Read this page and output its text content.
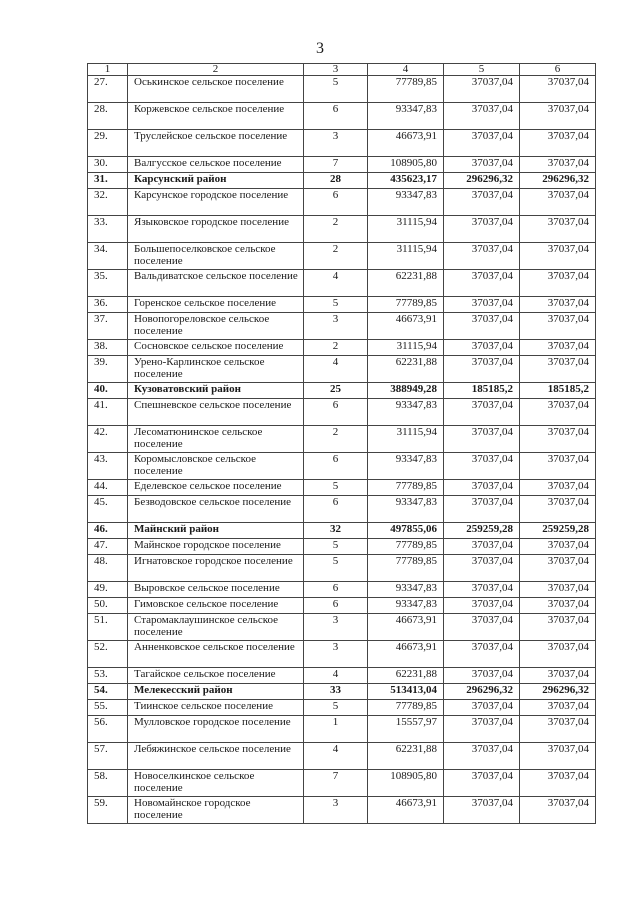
3
1	2	3	4	5	6
27.	Оськинское сельское поселение	5	77789,85	37037,04	37037,04
28.	Коржевское сельское поселение	6	93347,83	37037,04	37037,04
29.	Труслейское сельское поселение	3	46673,91	37037,04	37037,04
30.	Валгусское сельское поселение	7	108905,80	37037,04	37037,04
31.	Карсунский район	28	435623,17	296296,32	296296,32
32.	Карсунское городское поселение	6	93347,83	37037,04	37037,04
33.	Языковское городское поселение	2	31115,94	37037,04	37037,04
34.	Большепоселковское сельское поселение	2	31115,94	37037,04	37037,04
35.	Вальдиватское сельское поселение	4	62231,88	37037,04	37037,04
36.	Горенское сельское поселение	5	77789,85	37037,04	37037,04
37.	Новопогореловское сельское поселение	3	46673,91	37037,04	37037,04
38.	Сосновское сельское поселение	2	31115,94	37037,04	37037,04
39.	Урено-Карлинское сельское поселение	4	62231,88	37037,04	37037,04
40.	Кузоватовский район	25	388949,28	185185,2	185185,2
41.	Спешневское сельское поселение	6	93347,83	37037,04	37037,04
42.	Лесоматюнинское сельское поселение	2	31115,94	37037,04	37037,04
43.	Коромысловское сельское поселение	6	93347,83	37037,04	37037,04
44.	Еделевское сельское поселение	5	77789,85	37037,04	37037,04
45.	Безводовское сельское поселение	6	93347,83	37037,04	37037,04
46.	Майнский район	32	497855,06	259259,28	259259,28
47.	Майнское городское поселение	5	77789,85	37037,04	37037,04
48.	Игнатовское городское поселение	5	77789,85	37037,04	37037,04
49.	Выровское сельское поселение	6	93347,83	37037,04	37037,04
50.	Гимовское сельское поселение	6	93347,83	37037,04	37037,04
51.	Старомаклаушинское сельское поселение	3	46673,91	37037,04	37037,04
52.	Анненковское сельское поселение	3	46673,91	37037,04	37037,04
53.	Тагайское сельское поселение	4	62231,88	37037,04	37037,04
54.	Мелекесский район	33	513413,04	296296,32	296296,32
55.	Тиинское сельское поселение	5	77789,85	37037,04	37037,04
56.	Мулловское городское поселение	1	15557,97	37037,04	37037,04
57.	Лебяжинское сельское поселение	4	62231,88	37037,04	37037,04
58.	Новоселкинское сельское поселение	7	108905,80	37037,04	37037,04
59.	Новомайнское городское поселение	3	46673,91	37037,04	37037,04
